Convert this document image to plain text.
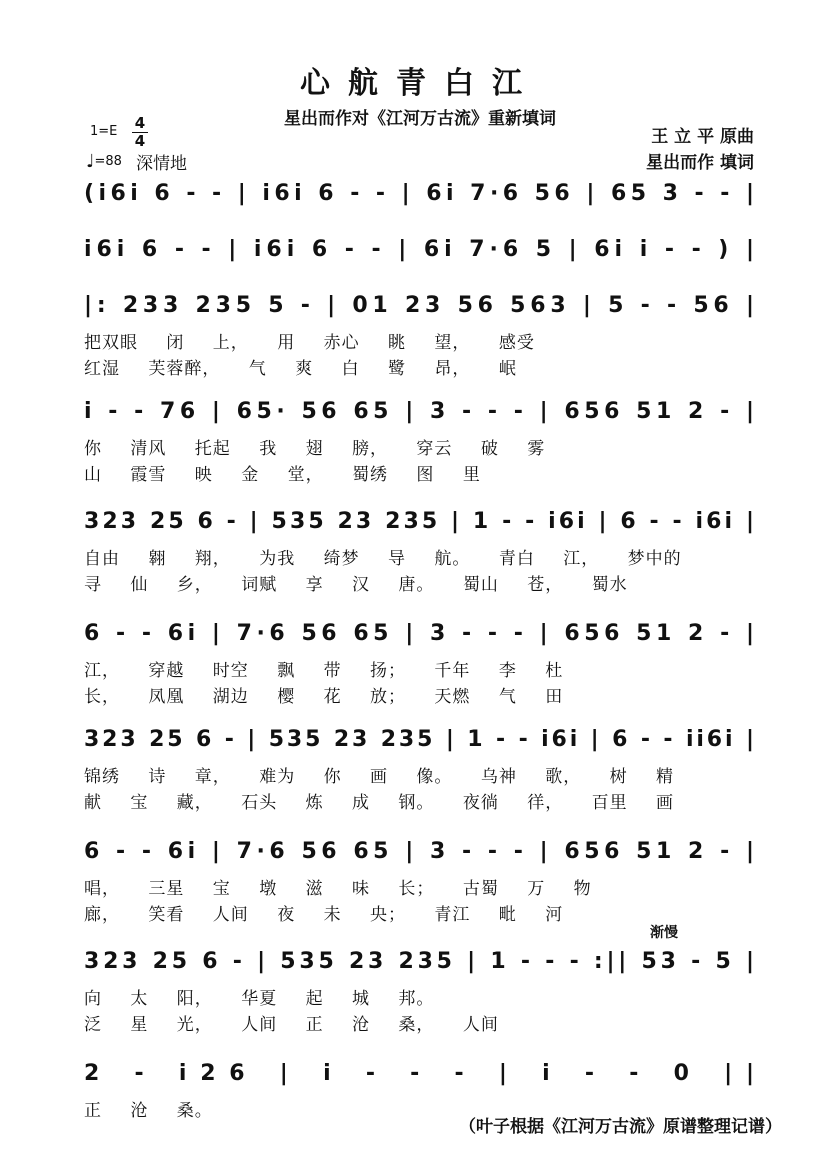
心航青白江
星出而作对《江河万古流》重新填词
1=E 4
4
♩=88 深情地
王 立 平 原曲
星出而作 填词
渐慢
(i6i 6 - - | i6i 6 - - | 6i 7·6 56 | 65 3 - - |
i6i 6 - - | i6i 6 - - | 6i 7·6 5 | 6i i - - ) |
|: 233 235 5 - | 01 23 56 563 | 5 - - 56 |
把双眼 闭 上， 用 赤心 眺 望， 感受
红湿 芙蓉醉， 气 爽 白 鹭 昂， 岷
i - - 76 | 65· 56 65 | 3 - - - | 656 51 2 - |
你 清风 托起 我 翅 膀， 穿云 破 雾
山 霞雪 映 金 堂， 蜀绣 图 里
323 25 6 - | 535 23 235 | 1 - - i6i | 6 - - i6i |
自由 翱 翔， 为我 绮梦 导 航。 青白 江， 梦中的
寻 仙 乡， 词赋 享 汉 唐。 蜀山 苍， 蜀水
6 - - 6i | 7·6 56 65 | 3 - - - | 656 51 2 - |
江， 穿越 时空 飘 带 扬； 千年 李 杜
长， 凤凰 湖边 樱 花 放； 天燃 气 田
323 25 6 - | 535 23 235 | 1 - - i6i | 6 - - ii6i |
锦绣 诗 章， 难为 你 画 像。 乌神 歌， 树 精
献 宝 藏， 石头 炼 成 钢。 夜徜 徉， 百里 画
6 - - 6i | 7·6 56 65 | 3 - - - | 656 51 2 - |
唱， 三星 宝 墩 滋 味 长； 古蜀 万 物
廊， 笑看 人间 夜 未 央； 青江 毗 河
323 25 6 - | 535 23 235 | 1 - - - :|| 53 - 5 |
向 太 阳， 华夏 起 城 邦。
泛 星 光， 人间 正 沧 桑， 人间
2 - i26 | i - - - | i - - 0 ||
正 沧 桑。
（叶子根据《江河万古流》原谱整理记谱）
